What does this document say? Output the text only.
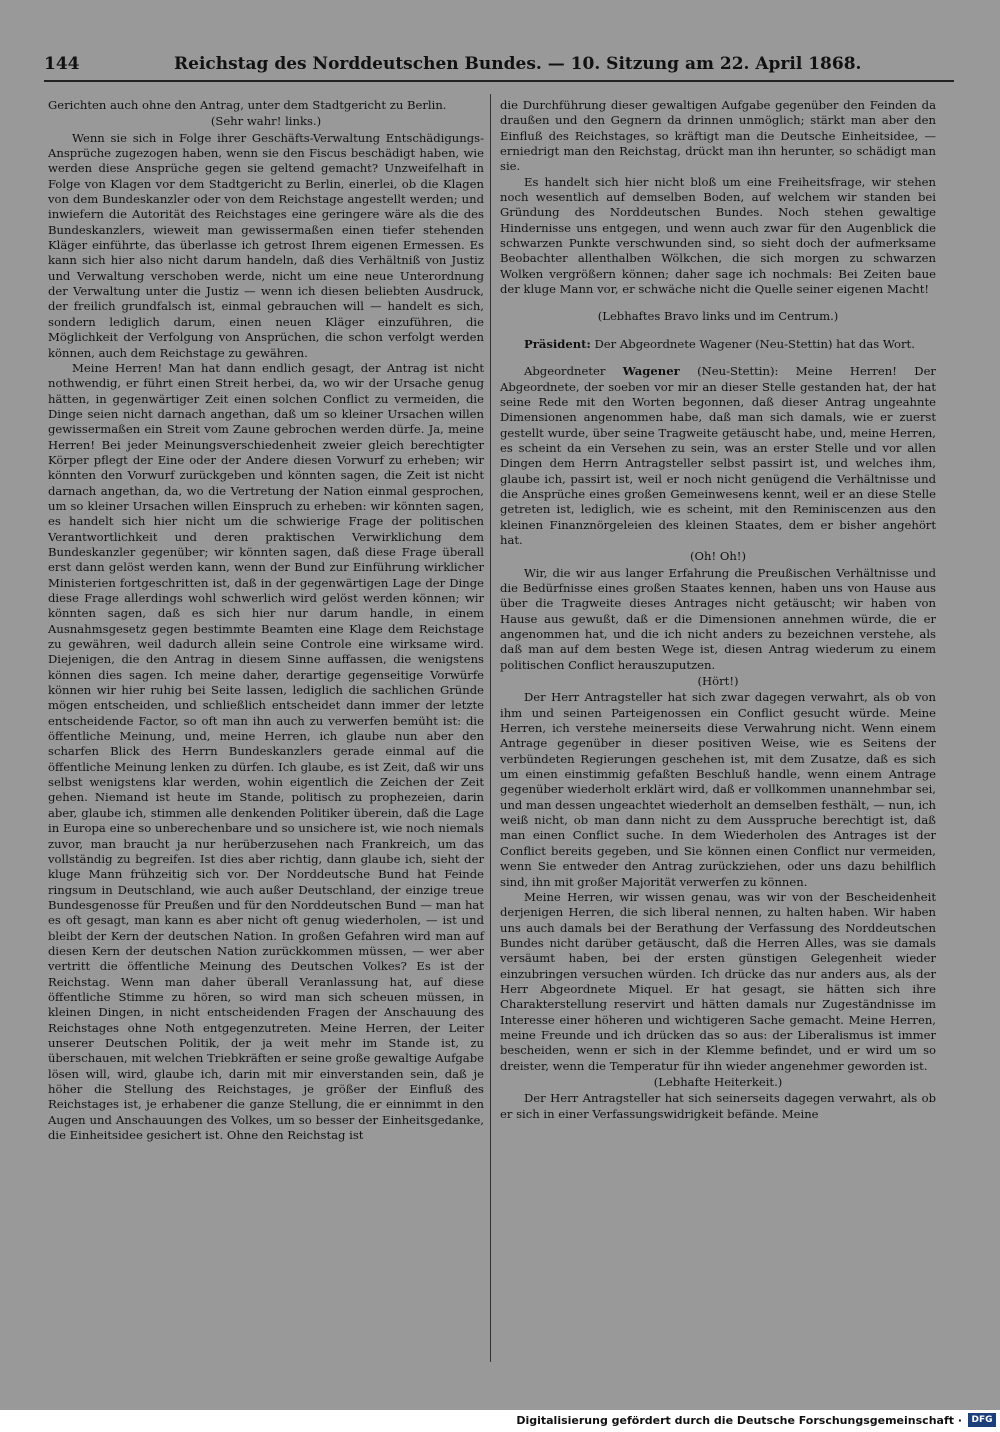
144	Reichstag des Norddeutschen Bundes. — 10. Sitzung am 22. April 1868.

Gerichten auch ohne den Antrag, unter dem Stadtgericht zu Berlin.

(Sehr wahr! links.)

Wenn sie sich in Folge ihrer Geschäfts-Verwaltung Entschädigungs-Ansprüche zugezogen haben, wenn sie den Fiscus beschädigt haben, wie werden diese Ansprüche gegen sie geltend gemacht? Unzweifelhaft in Folge von Klagen vor dem Stadtgericht zu Berlin, einerlei, ob die Klagen von dem Bundeskanzler oder von dem Reichstage angestellt werden; und inwiefern die Autorität des Reichstages eine geringere wäre als die des Bundeskanzlers, wieweit man gewissermaßen einen tiefer stehenden Kläger einführte, das überlasse ich getrost Ihrem eigenen Ermessen. Es kann sich hier also nicht darum handeln, daß dies Verhältniß von Justiz und Verwaltung verschoben werde, nicht um eine neue Unterordnung der Verwaltung unter die Justiz — wenn ich diesen beliebten Ausdruck, der freilich grundfalsch ist, einmal gebrauchen will — handelt es sich, sondern lediglich darum, einen neuen Kläger einzuführen, die Möglichkeit der Verfolgung von Ansprüchen, die schon verfolgt werden können, auch dem Reichstage zu gewähren.

Meine Herren! Man hat dann endlich gesagt, der Antrag ist nicht nothwendig, er führt einen Streit herbei, da, wo wir der Ursache genug hätten, in gegenwärtiger Zeit einen solchen Conflict zu vermeiden, die Dinge seien nicht darnach angethan, daß um so kleiner Ursachen willen gewissermaßen ein Streit vom Zaune gebrochen werden dürfe. Ja, meine Herren! Bei jeder Meinungsverschiedenheit zweier gleich berechtigter Körper pflegt der Eine oder der Andere diesen Vorwurf zu erheben; wir könnten den Vorwurf zurückgeben und könnten sagen, die Zeit ist nicht darnach angethan, da, wo die Vertretung der Nation einmal gesprochen, um so kleiner Ursachen willen Einspruch zu erheben: wir könnten sagen, es handelt sich hier nicht um die schwierige Frage der politischen Verantwortlichkeit und deren praktischen Verwirklichung dem Bundeskanzler gegenüber; wir könnten sagen, daß diese Frage überall erst dann gelöst werden kann, wenn der Bund zur Einführung wirklicher Ministerien fortgeschritten ist, daß in der gegenwärtigen Lage der Dinge diese Frage allerdings wohl schwerlich wird gelöst werden können; wir könnten sagen, daß es sich hier nur darum handle, in einem Ausnahmsgesetz gegen bestimmte Beamten eine Klage dem Reichstage zu gewähren, weil dadurch allein seine Controle eine wirksame wird. Diejenigen, die den Antrag in diesem Sinne auffassen, die wenigstens können dies sagen. Ich meine daher, derartige gegenseitige Vorwürfe können wir hier ruhig bei Seite lassen, lediglich die sachlichen Gründe mögen entscheiden, und schließlich entscheidet dann immer der letzte entscheidende Factor, so oft man ihn auch zu verwerfen bemüht ist: die öffentliche Meinung, und, meine Herren, ich glaube nun aber den scharfen Blick des Herrn Bundeskanzlers gerade einmal auf die öffentliche Meinung lenken zu dürfen. Ich glaube, es ist Zeit, daß wir uns selbst wenigstens klar werden, wohin eigentlich die Zeichen der Zeit gehen. Niemand ist heute im Stande, politisch zu prophezeien, darin aber, glaube ich, stimmen alle denkenden Politiker überein, daß die Lage in Europa eine so unberechenbare und so unsichere ist, wie noch niemals zuvor, man braucht ja nur herüberzusehen nach Frankreich, um das vollständig zu begreifen. Ist dies aber richtig, dann glaube ich, sieht der kluge Mann frühzeitig sich vor. Der Norddeutsche Bund hat Feinde ringsum in Deutschland, wie auch außer Deutschland, der einzige treue Bundesgenosse für Preußen und für den Norddeutschen Bund — man hat es oft gesagt, man kann es aber nicht oft genug wiederholen, — ist und bleibt der Kern der deutschen Nation. In großen Gefahren wird man auf diesen Kern der deutschen Nation zurückkommen müssen, — wer aber vertritt die öffentliche Meinung des Deutschen Volkes? Es ist der Reichstag. Wenn man daher überall Veranlassung hat, auf diese öffentliche Stimme zu hören, so wird man sich scheuen müssen, in kleinen Dingen, in nicht entscheidenden Fragen der Anschauung des Reichstages ohne Noth entgegenzutreten. Meine Herren, der Leiter unserer Deutschen Politik, der ja weit mehr im Stande ist, zu überschauen, mit welchen Triebkräften er seine große gewaltige Aufgabe lösen will, wird, glaube ich, darin mit mir einverstanden sein, daß je höher die Stellung des Reichstages, je größer der Einfluß des Reichstages ist, je erhabener die ganze Stellung, die er einnimmt in den Augen und Anschauungen des Volkes, um so besser der Einheitsgedanke, die Einheitsidee gesichert ist. Ohne den Reichstag ist

die Durchführung dieser gewaltigen Aufgabe gegenüber den Feinden da draußen und den Gegnern da drinnen unmöglich; stärkt man aber den Einfluß des Reichstages, so kräftigt man die Deutsche Einheitsidee, — erniedrigt man den Reichstag, drückt man ihn herunter, so schädigt man sie.

Es handelt sich hier nicht bloß um eine Freiheitsfrage, wir stehen noch wesentlich auf demselben Boden, auf welchem wir standen bei Gründung des Norddeutschen Bundes. Noch stehen gewaltige Hindernisse uns entgegen, und wenn auch zwar für den Augenblick die schwarzen Punkte verschwunden sind, so sieht doch der aufmerksame Beobachter allenthalben Wölkchen, die sich morgen zu schwarzen Wolken vergrößern können; daher sage ich nochmals: Bei Zeiten baue der kluge Mann vor, er schwäche nicht die Quelle seiner eigenen Macht!

(Lebhaftes Bravo links und im Centrum.)

Präsident: Der Abgeordnete Wagener (Neu-Stettin) hat das Wort.

Abgeordneter Wagener (Neu-Stettin): Meine Herren! Der Abgeordnete, der soeben vor mir an dieser Stelle gestanden hat, der hat seine Rede mit den Worten begonnen, daß dieser Antrag ungeahnte Dimensionen angenommen habe, daß man sich damals, wie er zuerst gestellt wurde, über seine Tragweite getäuscht habe, und, meine Herren, es scheint da ein Versehen zu sein, was an erster Stelle und vor allen Dingen dem Herrn Antragsteller selbst passirt ist, und welches ihm, glaube ich, passirt ist, weil er noch nicht genügend die Verhältnisse und die Ansprüche eines großen Gemeinwesens kennt, weil er an diese Stelle getreten ist, lediglich, wie es scheint, mit den Reminiscenzen aus den kleinen Finanznörgeleien des kleinen Staates, dem er bisher angehört hat.

(Oh! Oh!)

Wir, die wir aus langer Erfahrung die Preußischen Verhältnisse und die Bedürfnisse eines großen Staates kennen, haben uns von Hause aus über die Tragweite dieses Antrages nicht getäuscht; wir haben von Hause aus gewußt, daß er die Dimensionen annehmen würde, die er angenommen hat, und die ich nicht anders zu bezeichnen verstehe, als daß man auf dem besten Wege ist, diesen Antrag wiederum zu einem politischen Conflict herauszuputzen.

(Hört!)

Der Herr Antragsteller hat sich zwar dagegen verwahrt, als ob von ihm und seinen Parteigenossen ein Conflict gesucht würde. Meine Herren, ich verstehe meinerseits diese Verwahrung nicht. Wenn einem Antrage gegenüber in dieser positiven Weise, wie es Seitens der verbündeten Regierungen geschehen ist, mit dem Zusatze, daß es sich um einen einstimmig gefaßten Beschluß handle, wenn einem Antrage gegenüber wiederholt erklärt wird, daß er vollkommen unannehmbar sei, und man dessen ungeachtet wiederholt an demselben festhält, — nun, ich weiß nicht, ob man dann nicht zu dem Ausspruche berechtigt ist, daß man einen Conflict suche. In dem Wiederholen des Antrages ist der Conflict bereits gegeben, und Sie können einen Conflict nur vermeiden, wenn Sie entweder den Antrag zurückziehen, oder uns dazu behilflich sind, ihn mit großer Majorität verwerfen zu können.

Meine Herren, wir wissen genau, was wir von der Bescheidenheit derjenigen Herren, die sich liberal nennen, zu halten haben. Wir haben uns auch damals bei der Berathung der Verfassung des Norddeutschen Bundes nicht darüber getäuscht, daß die Herren Alles, was sie damals versäumt haben, bei der ersten günstigen Gelegenheit wieder einzubringen versuchen würden. Ich drücke das nur anders aus, als der Herr Abgeordnete Miquel. Er hat gesagt, sie hätten sich ihre Charakterstellung reservirt und hätten damals nur Zugeständnisse im Interesse einer höheren und wichtigeren Sache gemacht. Meine Herren, meine Freunde und ich drücken das so aus: der Liberalismus ist immer bescheiden, wenn er sich in der Klemme befindet, und er wird um so dreister, wenn die Temperatur für ihn wieder angenehmer geworden ist.

(Lebhafte Heiterkeit.)

Der Herr Antragsteller hat sich seinerseits dagegen verwahrt, als ob er sich in einer Verfassungswidrigkeit befände. Meine

Digitalisierung gefördert durch die Deutsche Forschungsgemeinschaft ·	DFG
